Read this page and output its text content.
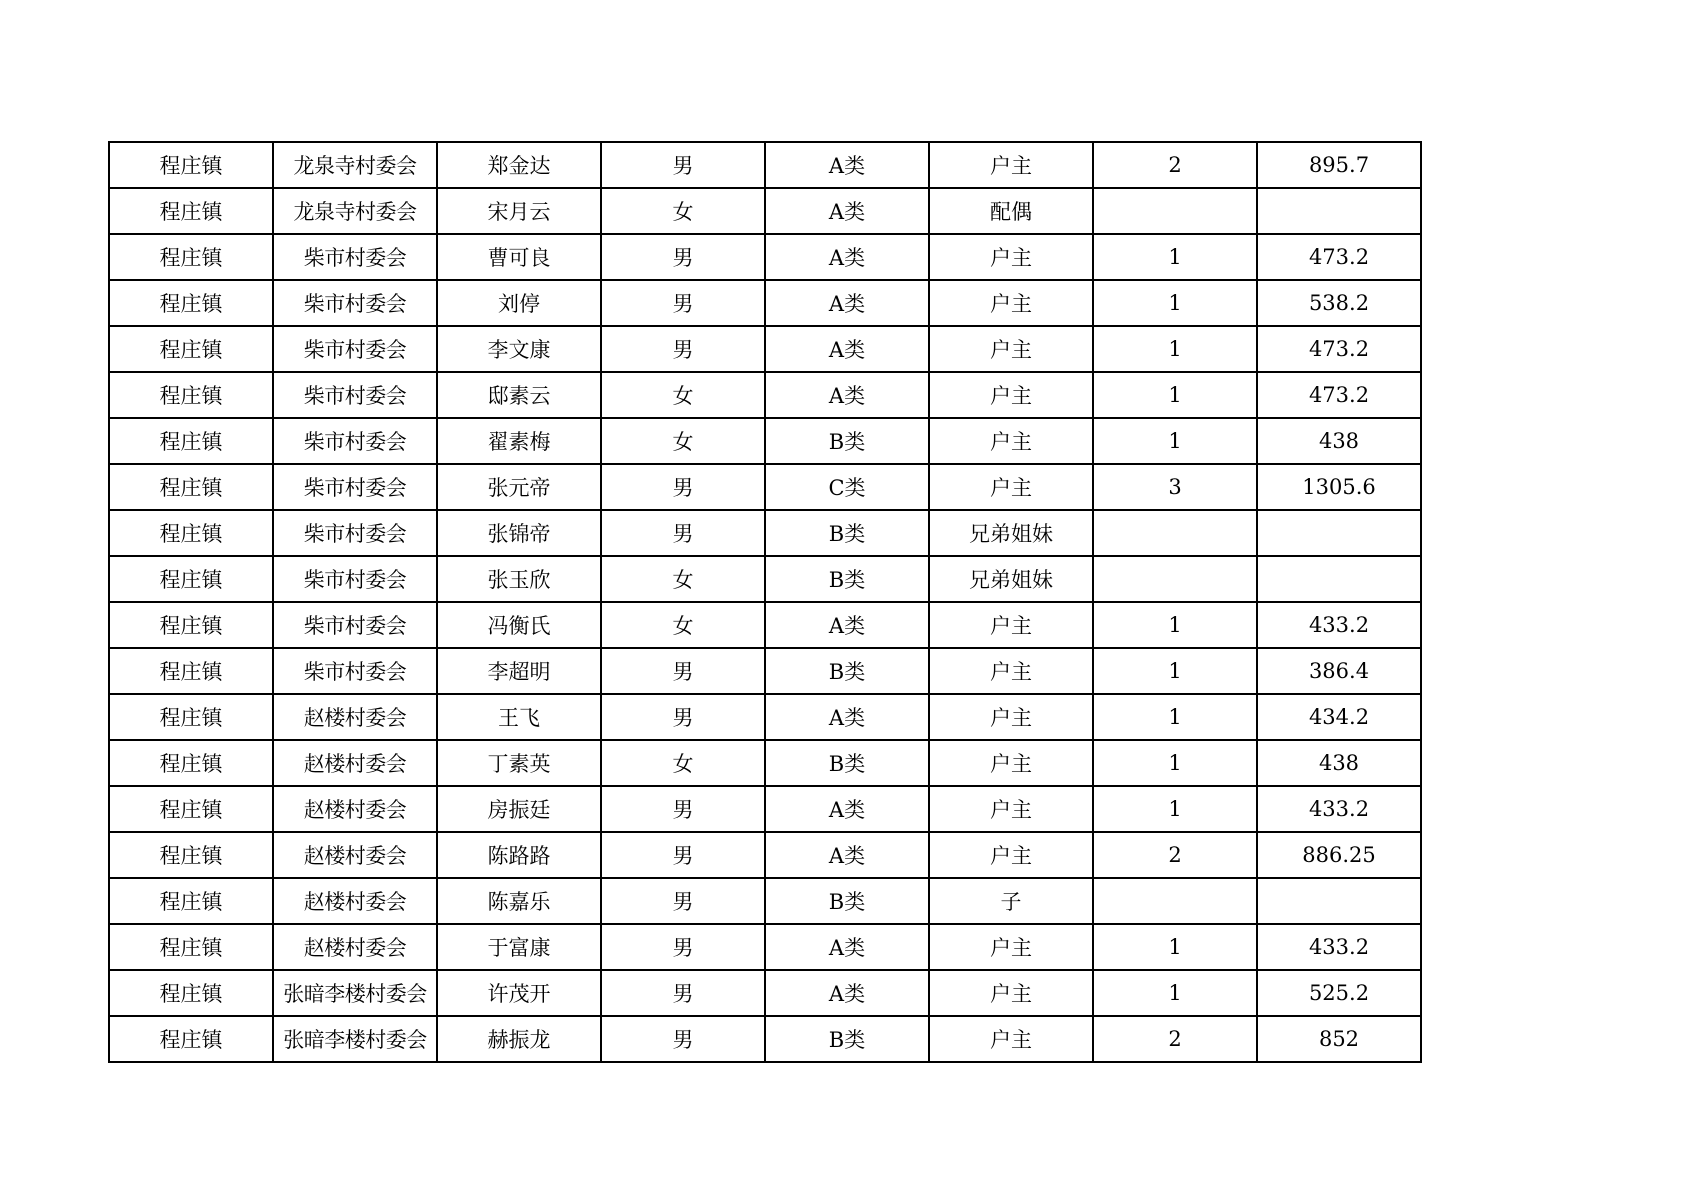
程庄镇	龙泉寺村委会	郑金达	男	A类	户主	2	895.7
程庄镇	龙泉寺村委会	宋月云	女	A类	配偶		
程庄镇	柴市村委会	曹可良	男	A类	户主	1	473.2
程庄镇	柴市村委会	刘停	男	A类	户主	1	538.2
程庄镇	柴市村委会	李文康	男	A类	户主	1	473.2
程庄镇	柴市村委会	邸素云	女	A类	户主	1	473.2
程庄镇	柴市村委会	翟素梅	女	B类	户主	1	438
程庄镇	柴市村委会	张元帝	男	C类	户主	3	1305.6
程庄镇	柴市村委会	张锦帝	男	B类	兄弟姐妹		
程庄镇	柴市村委会	张玉欣	女	B类	兄弟姐妹		
程庄镇	柴市村委会	冯衡氏	女	A类	户主	1	433.2
程庄镇	柴市村委会	李超明	男	B类	户主	1	386.4
程庄镇	赵楼村委会	王飞	男	A类	户主	1	434.2
程庄镇	赵楼村委会	丁素英	女	B类	户主	1	438
程庄镇	赵楼村委会	房振廷	男	A类	户主	1	433.2
程庄镇	赵楼村委会	陈路路	男	A类	户主	2	886.25
程庄镇	赵楼村委会	陈嘉乐	男	B类	子		
程庄镇	赵楼村委会	于富康	男	A类	户主	1	433.2
程庄镇	张暗李楼村委会	许茂开	男	A类	户主	1	525.2
程庄镇	张暗李楼村委会	赫振龙	男	B类	户主	2	852
